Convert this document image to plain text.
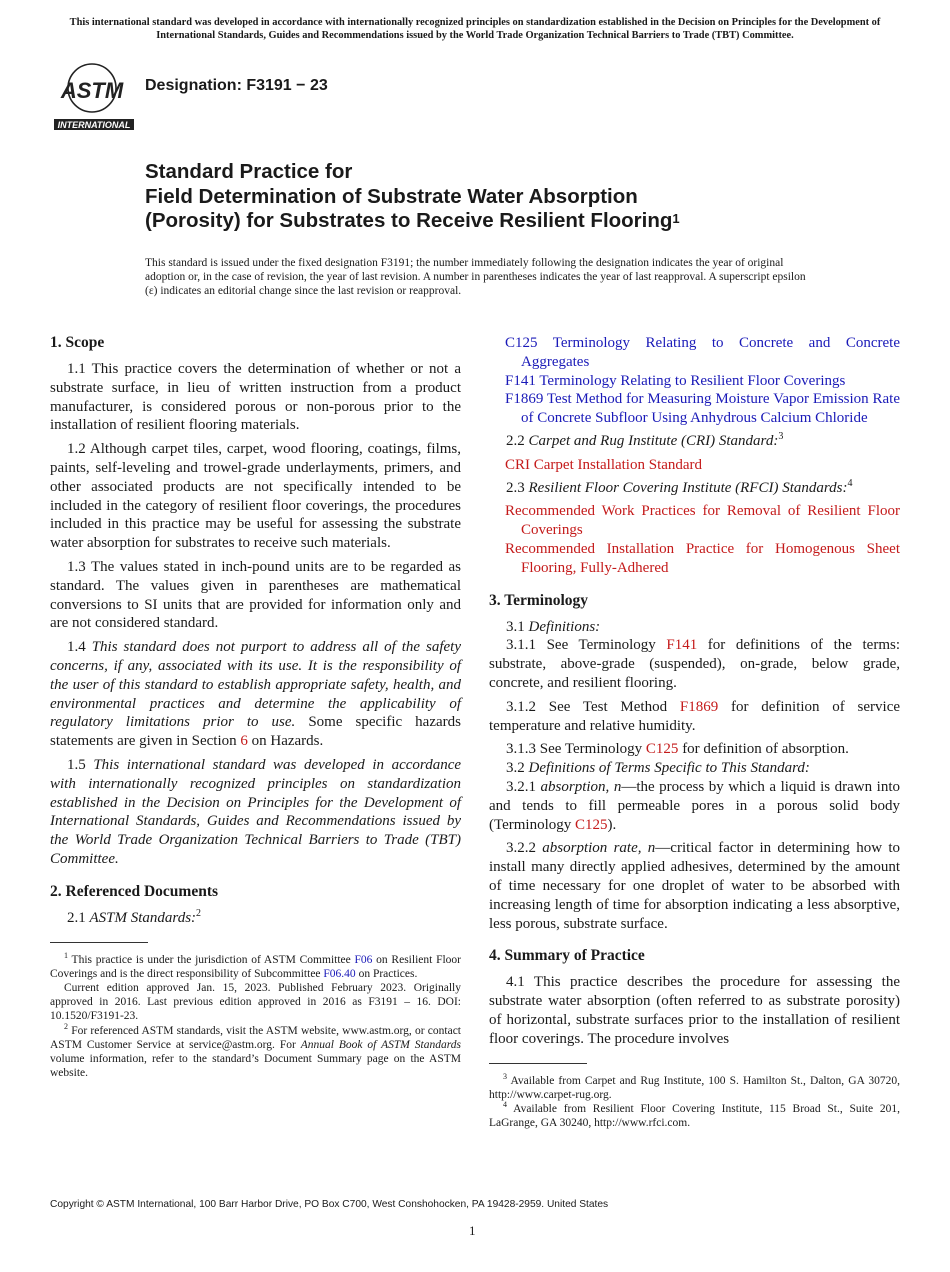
This international standard was developed in accordance with internationally recognized principles on standardization established in the Decision on Principles for the Development of International Standards, Guides and Recommendations issued by the World Trade Organization Technical Barriers to Trade (TBT) Committee.
ASTM
INTERNATIONAL
Designation: F3191 − 23
Standard Practice for
Field Determination of Substrate Water Absorption
(Porosity) for Substrates to Receive Resilient Flooring$^1$
This standard is issued under the fixed designation F3191; the number immediately following the designation indicates the year of original adoption or, in the case of revision, the year of last revision. A number in parentheses indicates the year of last reapproval. A superscript epsilon (ε) indicates an editorial change since the last revision or reapproval.
1. Scope

1.1 This practice covers the determination of whether or not a substrate surface, in lieu of written instruction from a product manufacturer, is considered porous or non-porous prior to the installation of resilient flooring materials.

1.2 Although carpet tiles, carpet, wood flooring, coatings, films, paints, self-leveling and trowel-grade underlayments, primers, and other associated products are not specifically intended to be included in the category of resilient floor coverings, the procedures included in this practice may be useful for assessing the substrate water absorption for substrates to receive such materials.

1.3 The values stated in inch-pound units are to be regarded as standard. The values given in parentheses are mathematical conversions to SI units that are provided for information only and are not considered standard.

1.4 This standard does not purport to address all of the safety concerns, if any, associated with its use. It is the responsibility of the user of this standard to establish appropriate safety, health, and environmental practices and determine the applicability of regulatory limitations prior to use. Some specific hazards statements are given in Section 6 on Hazards.

1.5 This international standard was developed in accordance with internationally recognized principles on standardization established in the Decision on Principles for the Development of International Standards, Guides and Recommendations issued by the World Trade Organization Technical Barriers to Trade (TBT) Committee.

2. Referenced Documents

2.1 ASTM Standards:$^2$

$^1$ This practice is under the jurisdiction of ASTM Committee F06 on Resilient Floor Coverings and is the direct responsibility of Subcommittee F06.40 on Practices.

Current edition approved Jan. 15, 2023. Published February 2023. Originally approved in 2016. Last previous edition approved in 2016 as F3191 – 16. DOI: 10.1520/F3191-23.

$^2$ For referenced ASTM standards, visit the ASTM website, www.astm.org, or contact ASTM Customer Service at service@astm.org. For Annual Book of ASTM Standards volume information, refer to the standard’s Document Summary page on the ASTM website.

C125 Terminology Relating to Concrete and Concrete Aggregates

F141 Terminology Relating to Resilient Floor Coverings

F1869 Test Method for Measuring Moisture Vapor Emission Rate of Concrete Subfloor Using Anhydrous Calcium Chloride

2.2 Carpet and Rug Institute (CRI) Standard:$^3$

CRI Carpet Installation Standard

2.3 Resilient Floor Covering Institute (RFCI) Standards:$^4$

Recommended Work Practices for Removal of Resilient Floor Coverings

Recommended Installation Practice for Homogenous Sheet Flooring, Fully-Adhered

3. Terminology

3.1 Definitions:

3.1.1 See Terminology F141 for definitions of the terms: substrate, above-grade (suspended), on-grade, below grade, concrete, and resilient flooring.

3.1.2 See Test Method F1869 for definition of service temperature and relative humidity.

3.1.3 See Terminology C125 for definition of absorption.

3.2 Definitions of Terms Specific to This Standard:

3.2.1 absorption, n—the process by which a liquid is drawn into and tends to fill permeable pores in a porous solid body (Terminology C125).

3.2.2 absorption rate, n—critical factor in determining how to install many directly applied adhesives, determined by the amount of time necessary for one droplet of water to be absorbed with increasing length of time for absorption indicating a less absorptive, less porous, substrate surface.

4. Summary of Practice

4.1 This practice describes the procedure for assessing the substrate water absorption (often referred to as substrate porosity) of horizontal, substrate surfaces prior to the installation of resilient floor coverings. The procedure involves

$^3$ Available from Carpet and Rug Institute, 100 S. Hamilton St., Dalton, GA 30720, http://www.carpet-rug.org.

$^4$ Available from Resilient Floor Covering Institute, 115 Broad St., Suite 201, LaGrange, GA 30240, http://www.rfci.com.

Copyright © ASTM International, 100 Barr Harbor Drive, PO Box C700, West Conshohocken, PA 19428-2959. United States
1
